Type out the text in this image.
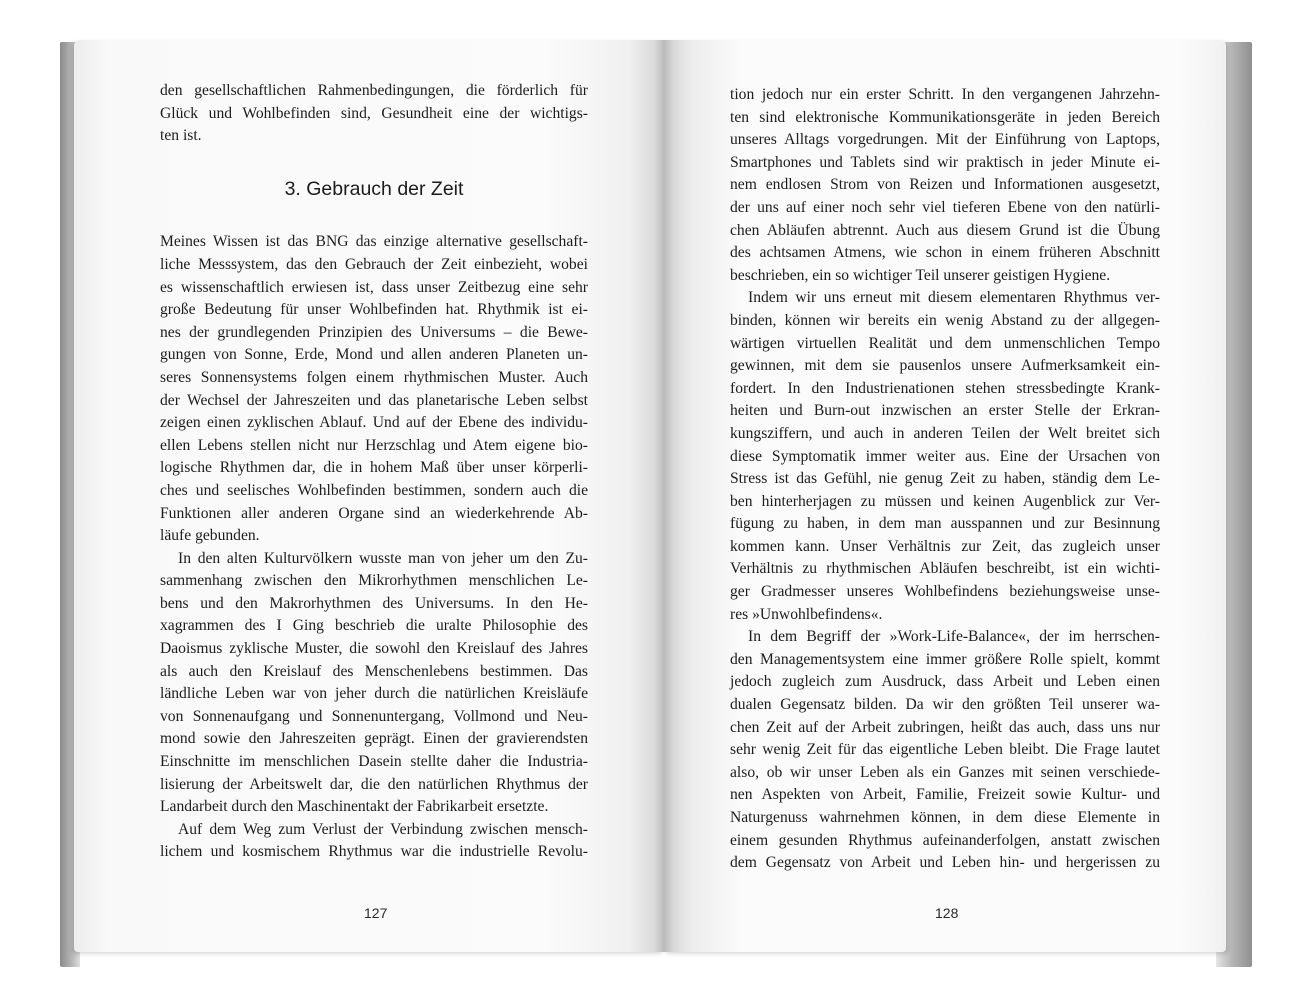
den gesellschaftlichen Rahmenbedingungen, die förderlich für
Glück und Wohlbefinden sind, Gesundheit eine der wichtigs-
ten ist.
3. Gebrauch der Zeit
Meines Wissen ist das BNG das einzige alternative gesellschaft-
liche Messsystem, das den Gebrauch der Zeit einbezieht, wobei
es wissenschaftlich erwiesen ist, dass unser Zeitbezug eine sehr
große Bedeutung für unser Wohlbefinden hat. Rhythmik ist ei-
nes der grundlegenden Prinzipien des Universums – die Bewe-
gungen von Sonne, Erde, Mond und allen anderen Planeten un-
seres Sonnensystems folgen einem rhythmischen Muster. Auch
der Wechsel der Jahreszeiten und das planetarische Leben selbst
zeigen einen zyklischen Ablauf. Und auf der Ebene des individu-
ellen Lebens stellen nicht nur Herzschlag und Atem eigene bio-
logische Rhythmen dar, die in hohem Maß über unser körperli-
ches und seelisches Wohlbefinden bestimmen, sondern auch die
Funktionen aller anderen Organe sind an wiederkehrende Ab-
läufe gebunden.
In den alten Kulturvölkern wusste man von jeher um den Zu-
sammenhang zwischen den Mikrorhythmen menschlichen Le-
bens und den Makrorhythmen des Universums. In den He-
xagrammen des I Ging beschrieb die uralte Philosophie des
Daoismus zyklische Muster, die sowohl den Kreislauf des Jahres
als auch den Kreislauf des Menschenlebens bestimmen. Das
ländliche Leben war von jeher durch die natürlichen Kreisläufe
von Sonnenaufgang und Sonnenuntergang, Vollmond und Neu-
mond sowie den Jahreszeiten geprägt. Einen der gravierendsten
Einschnitte im menschlichen Dasein stellte daher die Industria-
lisierung der Arbeitswelt dar, die den natürlichen Rhythmus der
Landarbeit durch den Maschinentakt der Fabrikarbeit ersetzte.
Auf dem Weg zum Verlust der Verbindung zwischen mensch-
lichem und kosmischem Rhythmus war die industrielle Revolu-
tion jedoch nur ein erster Schritt. In den vergangenen Jahrzehn-
ten sind elektronische Kommunikationsgeräte in jeden Bereich
unseres Alltags vorgedrungen. Mit der Einführung von Laptops,
Smartphones und Tablets sind wir praktisch in jeder Minute ei-
nem endlosen Strom von Reizen und Informationen ausgesetzt,
der uns auf einer noch sehr viel tieferen Ebene von den natürli-
chen Abläufen abtrennt. Auch aus diesem Grund ist die Übung
des achtsamen Atmens, wie schon in einem früheren Abschnitt
beschrieben, ein so wichtiger Teil unserer geistigen Hygiene.
Indem wir uns erneut mit diesem elementaren Rhythmus ver-
binden, können wir bereits ein wenig Abstand zu der allgegen-
wärtigen virtuellen Realität und dem unmenschlichen Tempo
gewinnen, mit dem sie pausenlos unsere Aufmerksamkeit ein-
fordert. In den Industrienationen stehen stressbedingte Krank-
heiten und Burn-out inzwischen an erster Stelle der Erkran-
kungsziffern, und auch in anderen Teilen der Welt breitet sich
diese Symptomatik immer weiter aus. Eine der Ursachen von
Stress ist das Gefühl, nie genug Zeit zu haben, ständig dem Le-
ben hinterherjagen zu müssen und keinen Augenblick zur Ver-
fügung zu haben, in dem man ausspannen und zur Besinnung
kommen kann. Unser Verhältnis zur Zeit, das zugleich unser
Verhältnis zu rhythmischen Abläufen beschreibt, ist ein wichti-
ger Gradmesser unseres Wohlbefindens beziehungsweise unse-
res »Unwohlbefindens«.
In dem Begriff der »Work-Life-Balance«, der im herrschen-
den Managementsystem eine immer größere Rolle spielt, kommt
jedoch zugleich zum Ausdruck, dass Arbeit und Leben einen
dualen Gegensatz bilden. Da wir den größten Teil unserer wa-
chen Zeit auf der Arbeit zubringen, heißt das auch, dass uns nur
sehr wenig Zeit für das eigentliche Leben bleibt. Die Frage lautet
also, ob wir unser Leben als ein Ganzes mit seinen verschiede-
nen Aspekten von Arbeit, Familie, Freizeit sowie Kultur- und
Naturgenuss wahrnehmen können, in dem diese Elemente in
einem gesunden Rhythmus aufeinanderfolgen, anstatt zwischen
dem Gegensatz von Arbeit und Leben hin- und hergerissen zu
127	128
